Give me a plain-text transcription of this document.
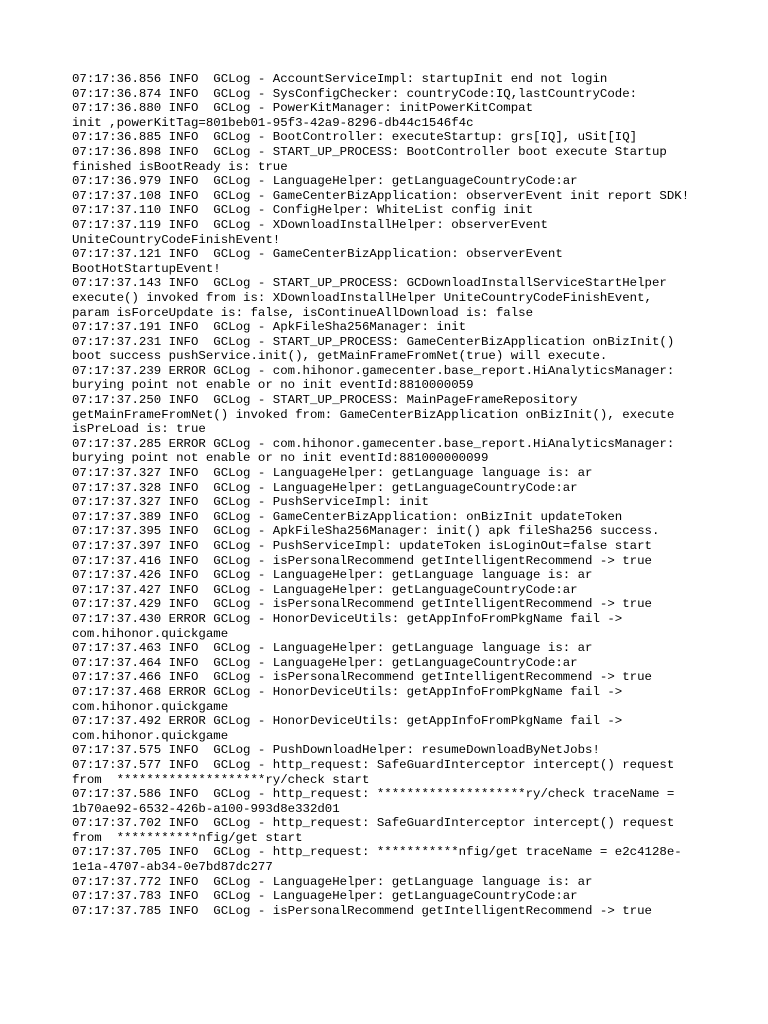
07:17:36.856 INFO  GCLog - AccountServiceImpl: startupInit end not login
07:17:36.874 INFO  GCLog - SysConfigChecker: countryCode:IQ,lastCountryCode:
07:17:36.880 INFO  GCLog - PowerKitManager: initPowerKitCompat
init ,powerKitTag=801beb01-95f3-42a9-8296-db44c1546f4c
07:17:36.885 INFO  GCLog - BootController: executeStartup: grs[IQ], uSit[IQ]
07:17:36.898 INFO  GCLog - START_UP_PROCESS: BootController boot execute Startup
finished isBootReady is: true
07:17:36.979 INFO  GCLog - LanguageHelper: getLanguageCountryCode:ar
07:17:37.108 INFO  GCLog - GameCenterBizApplication: observerEvent init report SDK!
07:17:37.110 INFO  GCLog - ConfigHelper: WhiteList config init
07:17:37.119 INFO  GCLog - XDownloadInstallHelper: observerEvent
UniteCountryCodeFinishEvent!
07:17:37.121 INFO  GCLog - GameCenterBizApplication: observerEvent
BootHotStartupEvent!
07:17:37.143 INFO  GCLog - START_UP_PROCESS: GCDownloadInstallServiceStartHelper
execute() invoked from is: XDownloadInstallHelper UniteCountryCodeFinishEvent,
param isForceUpdate is: false, isContinueAllDownload is: false
07:17:37.191 INFO  GCLog - ApkFileSha256Manager: init
07:17:37.231 INFO  GCLog - START_UP_PROCESS: GameCenterBizApplication onBizInit()
boot success pushService.init(), getMainFrameFromNet(true) will execute.
07:17:37.239 ERROR GCLog - com.hihonor.gamecenter.base_report.HiAnalyticsManager:
burying point not enable or no init eventId:8810000059
07:17:37.250 INFO  GCLog - START_UP_PROCESS: MainPageFrameRepository
getMainFrameFromNet() invoked from: GameCenterBizApplication onBizInit(), execute
isPreLoad is: true
07:17:37.285 ERROR GCLog - com.hihonor.gamecenter.base_report.HiAnalyticsManager:
burying point not enable or no init eventId:881000000099
07:17:37.327 INFO  GCLog - LanguageHelper: getLanguage language is: ar
07:17:37.328 INFO  GCLog - LanguageHelper: getLanguageCountryCode:ar
07:17:37.327 INFO  GCLog - PushServiceImpl: init
07:17:37.389 INFO  GCLog - GameCenterBizApplication: onBizInit updateToken
07:17:37.395 INFO  GCLog - ApkFileSha256Manager: init() apk fileSha256 success.
07:17:37.397 INFO  GCLog - PushServiceImpl: updateToken isLoginOut=false start
07:17:37.416 INFO  GCLog - isPersonalRecommend getIntelligentRecommend -> true
07:17:37.426 INFO  GCLog - LanguageHelper: getLanguage language is: ar
07:17:37.427 INFO  GCLog - LanguageHelper: getLanguageCountryCode:ar
07:17:37.429 INFO  GCLog - isPersonalRecommend getIntelligentRecommend -> true
07:17:37.430 ERROR GCLog - HonorDeviceUtils: getAppInfoFromPkgName fail ->
com.hihonor.quickgame
07:17:37.463 INFO  GCLog - LanguageHelper: getLanguage language is: ar
07:17:37.464 INFO  GCLog - LanguageHelper: getLanguageCountryCode:ar
07:17:37.466 INFO  GCLog - isPersonalRecommend getIntelligentRecommend -> true
07:17:37.468 ERROR GCLog - HonorDeviceUtils: getAppInfoFromPkgName fail ->
com.hihonor.quickgame
07:17:37.492 ERROR GCLog - HonorDeviceUtils: getAppInfoFromPkgName fail ->
com.hihonor.quickgame
07:17:37.575 INFO  GCLog - PushDownloadHelper: resumeDownloadByNetJobs!
07:17:37.577 INFO  GCLog - http_request: SafeGuardInterceptor intercept() request
from  ********************ry/check start
07:17:37.586 INFO  GCLog - http_request: ********************ry/check traceName =
1b70ae92-6532-426b-a100-993d8e332d01
07:17:37.702 INFO  GCLog - http_request: SafeGuardInterceptor intercept() request
from  ***********nfig/get start
07:17:37.705 INFO  GCLog - http_request: ***********nfig/get traceName = e2c4128e-
1e1a-4707-ab34-0e7bd87dc277
07:17:37.772 INFO  GCLog - LanguageHelper: getLanguage language is: ar
07:17:37.783 INFO  GCLog - LanguageHelper: getLanguageCountryCode:ar
07:17:37.785 INFO  GCLog - isPersonalRecommend getIntelligentRecommend -> true
